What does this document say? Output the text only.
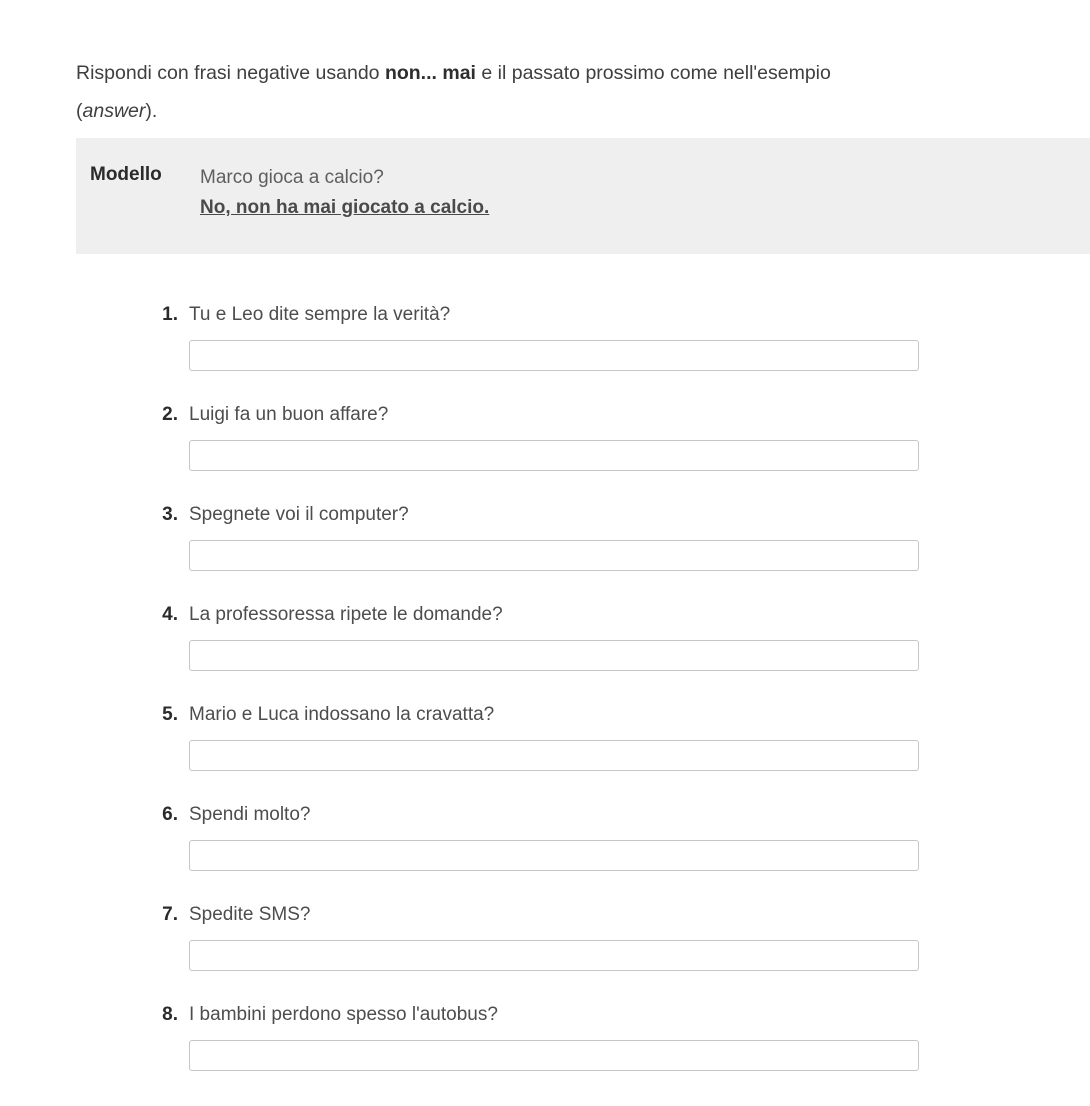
Rispondi con frasi negative usando non... mai e il passato prossimo come nell'esempio
(answer).

Modello Marco gioca a calcio?
No, non ha mai giocato a calcio.
1. Tu e Leo dite sempre la verità?
2. Luigi fa un buon affare?
3. Spegnete voi il computer?
4. La professoressa ripete le domande?
5. Mario e Luca indossano la cravatta?
6. Spendi molto?
7. Spedite SMS?
8. I bambini perdono spesso l'autobus?
